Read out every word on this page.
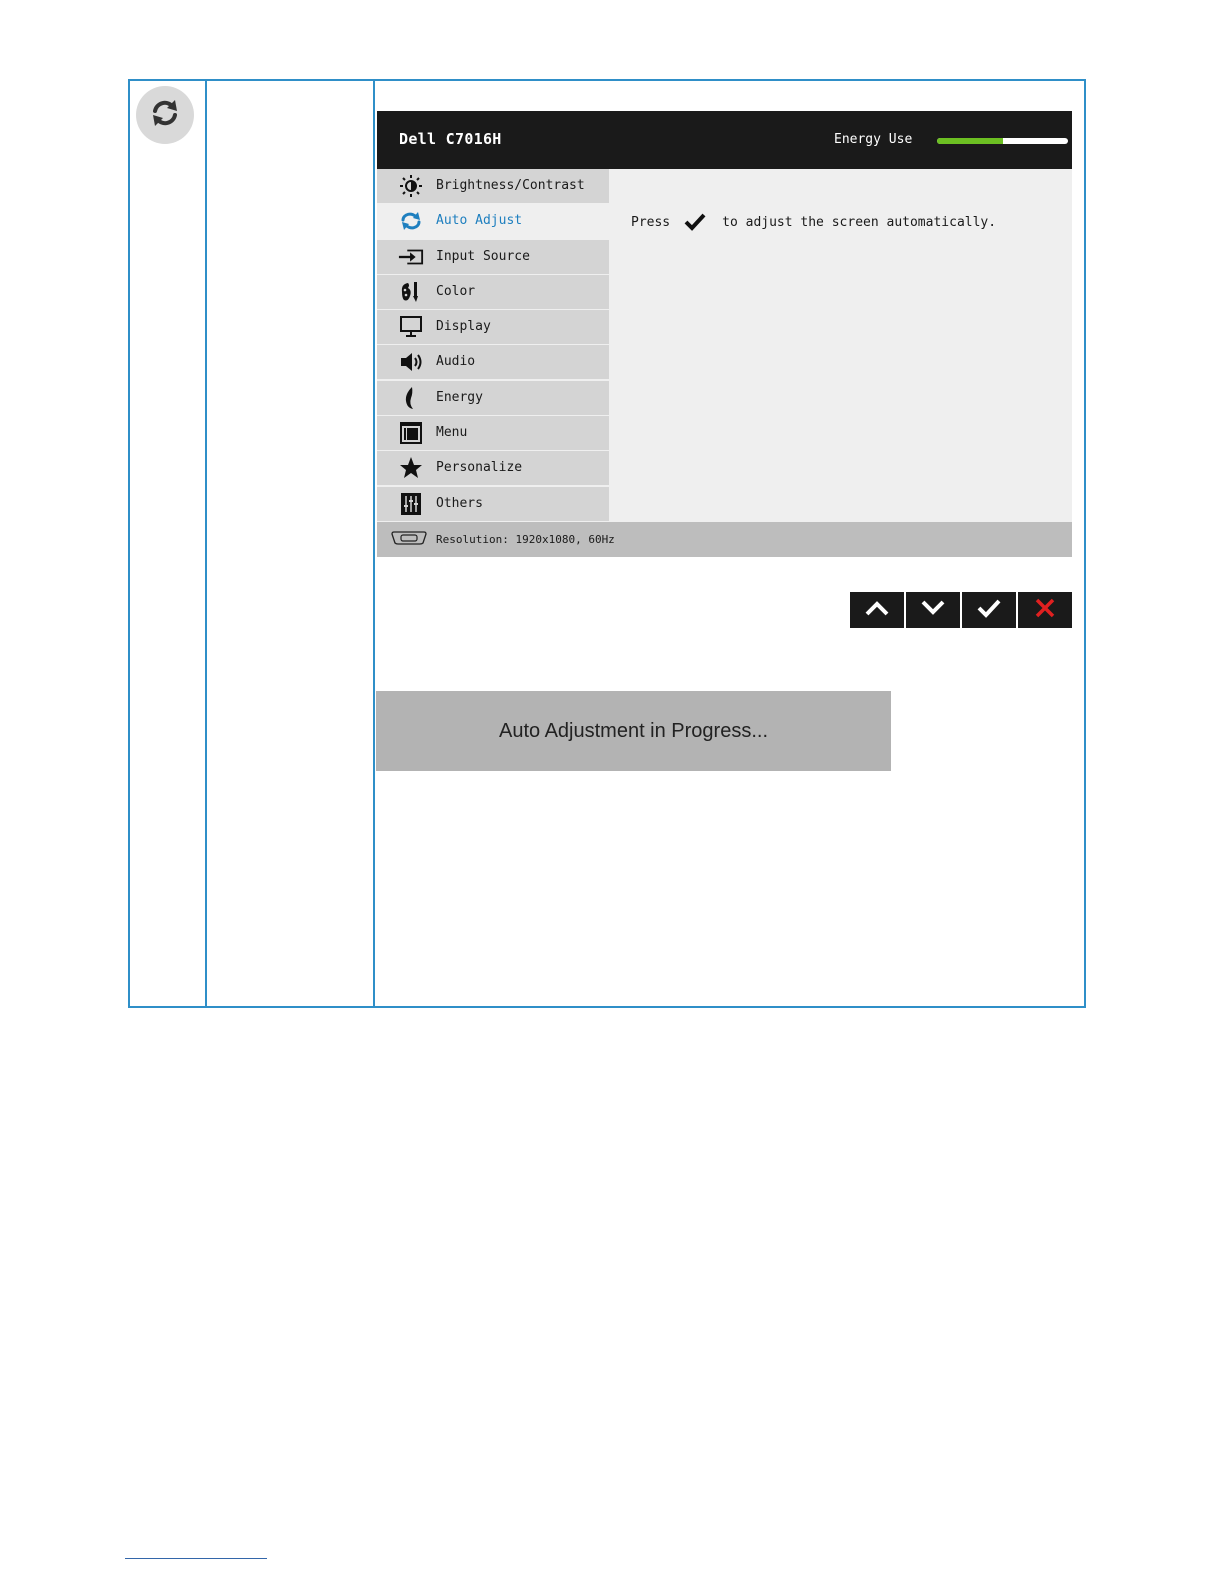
Dell C7016H	Energy Use
Brightness/Contrast
Auto Adjust
Input Source
Color
Display
Audio
Energy
Menu
Personalize
Others
Press	to adjust the screen automatically.
Resolution: 1920x1080, 60Hz
Auto Adjustment in Progress...
